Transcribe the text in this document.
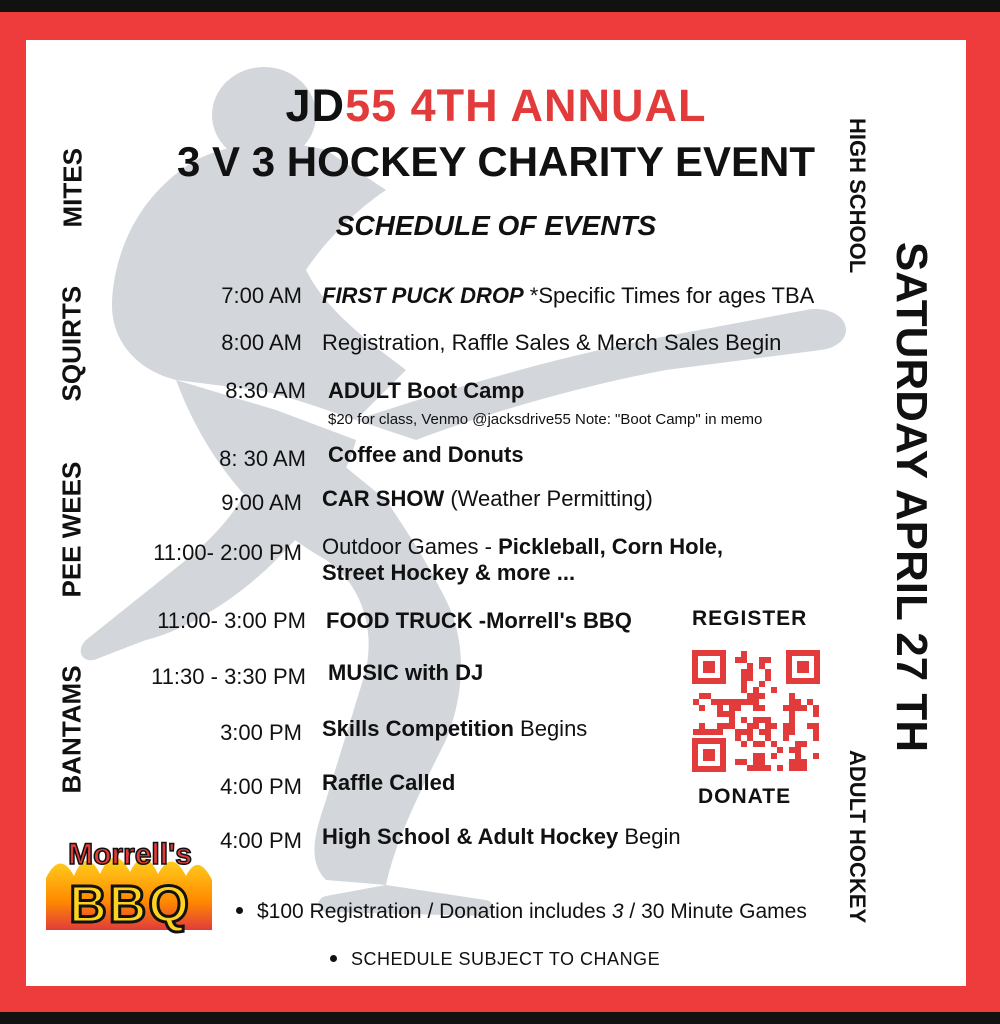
JD55 4TH ANNUAL
3 V 3 HOCKEY CHARITY EVENT
SCHEDULE OF EVENTS
MITES
SQUIRTS
PEE WEES
BANTAMS
HIGH SCHOOL
SATURDAY APRIL 27 TH
ADULT HOCKEY
7:00 AM FIRST PUCK DROP *Specific Times for ages TBA
8:00 AM Registration, Raffle Sales & Merch Sales Begin
8:30 AM ADULT Boot Camp
$20 for class, Venmo @jacksdrive55 Note: "Boot Camp" in memo
8: 30 AM Coffee and Donuts
9:00 AM CAR SHOW (Weather Permitting)
11:00- 2:00 PM Outdoor Games - Pickleball, Corn Hole,
Street Hockey & more ...
11:00- 3:00 PM FOOD TRUCK -Morrell's BBQ
11:30 - 3:30 PM MUSIC with DJ
3:00 PM Skills Competition Begins
4:00 PM Raffle Called
4:00 PM High School & Adult Hockey Begin
REGISTER
DONATE
Morrell's
BBQ	$100 Registration / Donation includes 3 / 30 Minute Games
SCHEDULE SUBJECT TO CHANGE
